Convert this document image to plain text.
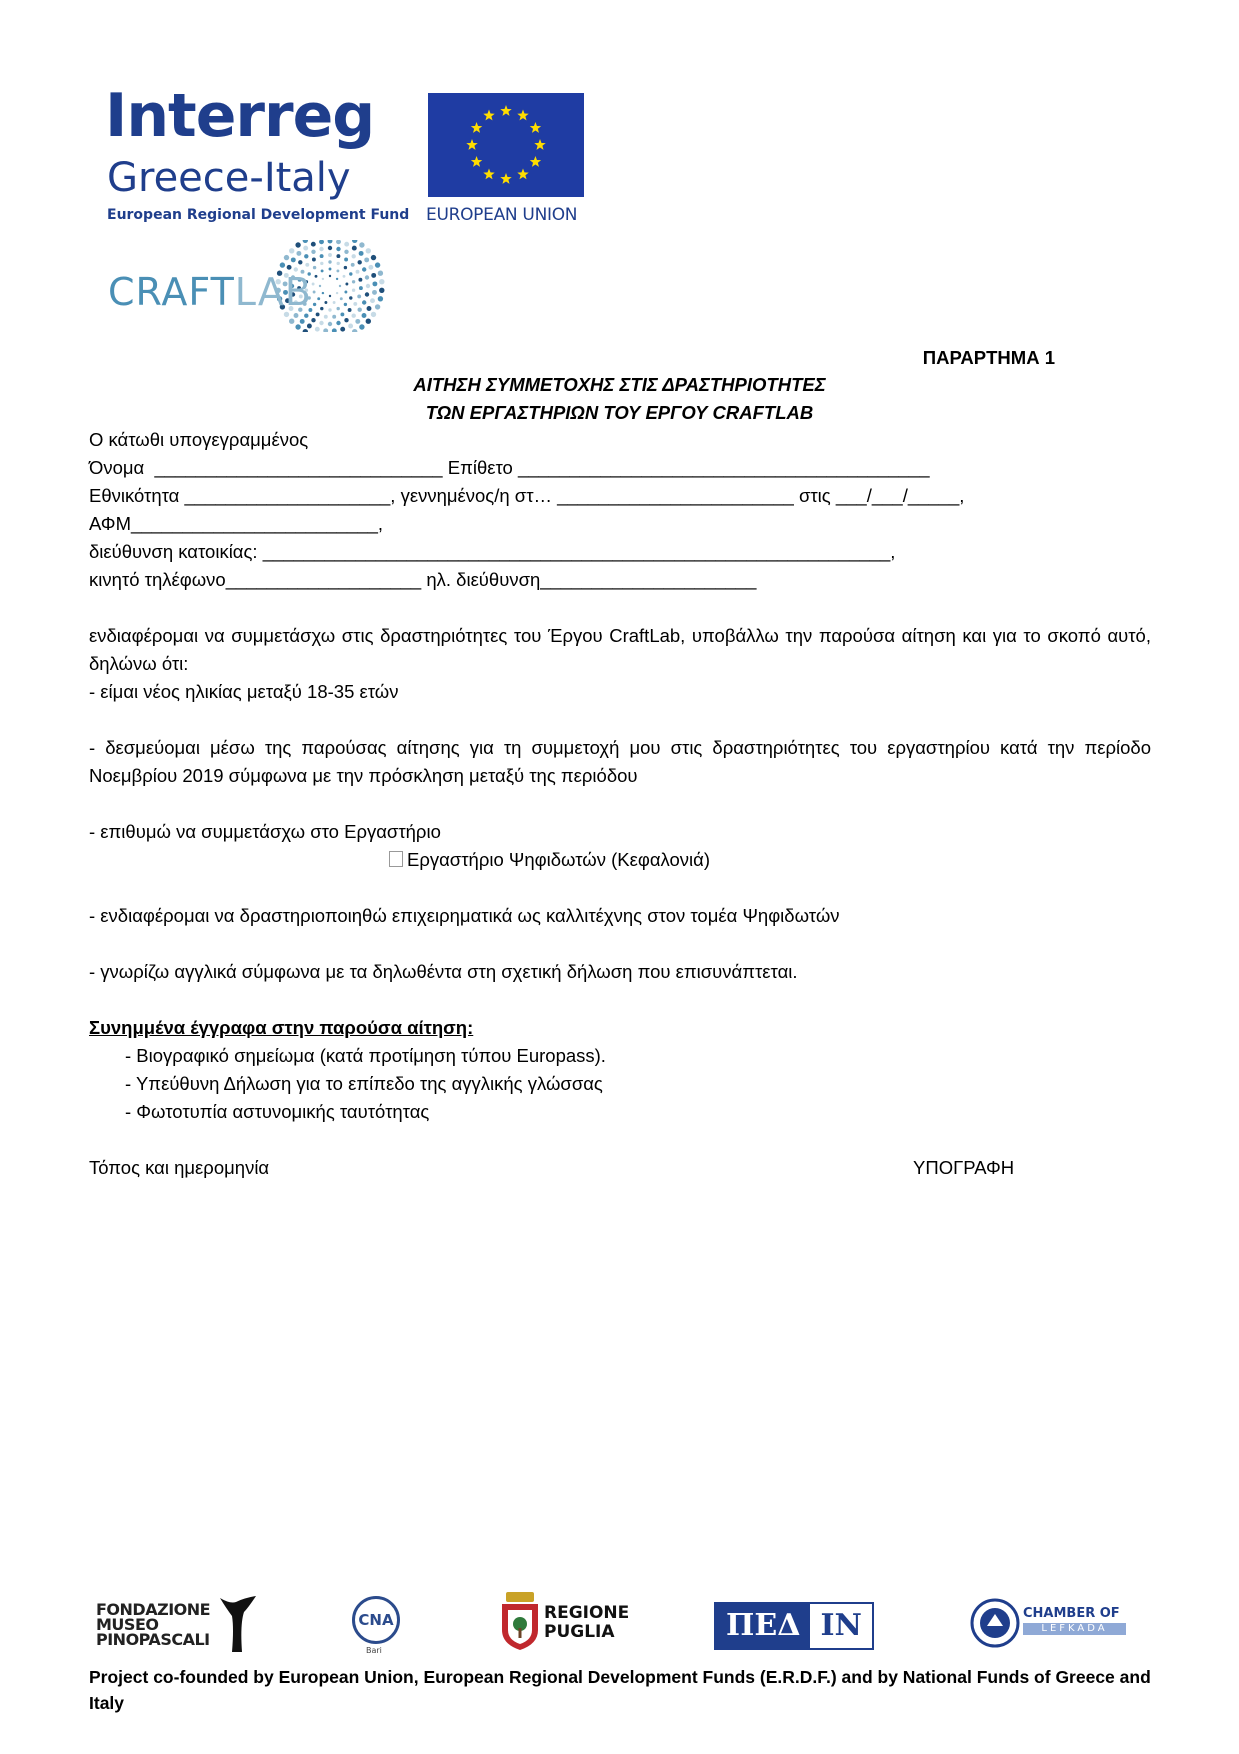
Interreg
Greece-Italy
European Regional Development Fund EUROPEAN UNION
CRAFTLAB
ΠΑΡΑΡΤΗΜΑ 1
ΑΙΤΗΣΗ ΣΥΜΜΕΤΟΧΗΣ ΣΤΙΣ ΔΡΑΣΤΗΡΙΟΤΗΤΕΣ
ΤΩΝ ΕΡΓΑΣΤΗΡΙΩΝ ΤΟΥ ΕΡΓΟΥ CRAFTLAB
Ο κάτωθι υπογεγραμμένος
Όνομα  ____________________________ Επίθετο ________________________________________
Εθνικότητα ____________________, γεννημένος/η στ… _______________________ στις ___/___/_____,
ΑΦΜ________________________,
διεύθυνση κατοικίας: _____________________________________________________________,
κινητό τηλέφωνο___________________ ηλ. διεύθυνση_____________________
ενδιαφέρομαι να συμμετάσχω στις δραστηριότητες του Έργου CraftLab, υποβάλλω την παρούσα αίτηση και για το σκοπό αυτό, δηλώνω ότι:
- είμαι νέος ηλικίας μεταξύ 18-35 ετών
- δεσμεύομαι μέσω της παρούσας αίτησης για τη συμμετοχή μου στις δραστηριότητες του εργαστηρίου κατά την περίοδο Νοεμβρίου 2019 σύμφωνα με την πρόσκληση μεταξύ της περιόδου
- επιθυμώ να συμμετάσχω στο Εργαστήριο
Εργαστήριο Ψηφιδωτών (Κεφαλονιά)
- ενδιαφέρομαι να δραστηριοποιηθώ επιχειρηματικά ως καλλιτέχνης στον τομέα Ψηφιδωτών
- γνωρίζω αγγλικά σύμφωνα με τα δηλωθέντα στη σχετική δήλωση που επισυνάπτεται.
Συνημμένα έγγραφα στην παρούσα αίτηση:
- Βιογραφικό σημείωμα (κατά προτίμηση τύπου Europass).
- Υπεύθυνη Δήλωση για το επίπεδο της αγγλικής γλώσσας
- Φωτοτυπία αστυνομικής ταυτότητας
Τόπος και ημερομηνία	ΥΠΟΓΡΑΦΗ
FONDAZIONE
MUSEO
PINOPASCALI
CNA
Bari
REGIONE
PUGLIA	ΠΕΔ IN	CHAMBER OF
LEFKADA
Project co-founded by European Union, European Regional Development Funds (E.R.D.F.) and by National Funds of Greece and Italy
